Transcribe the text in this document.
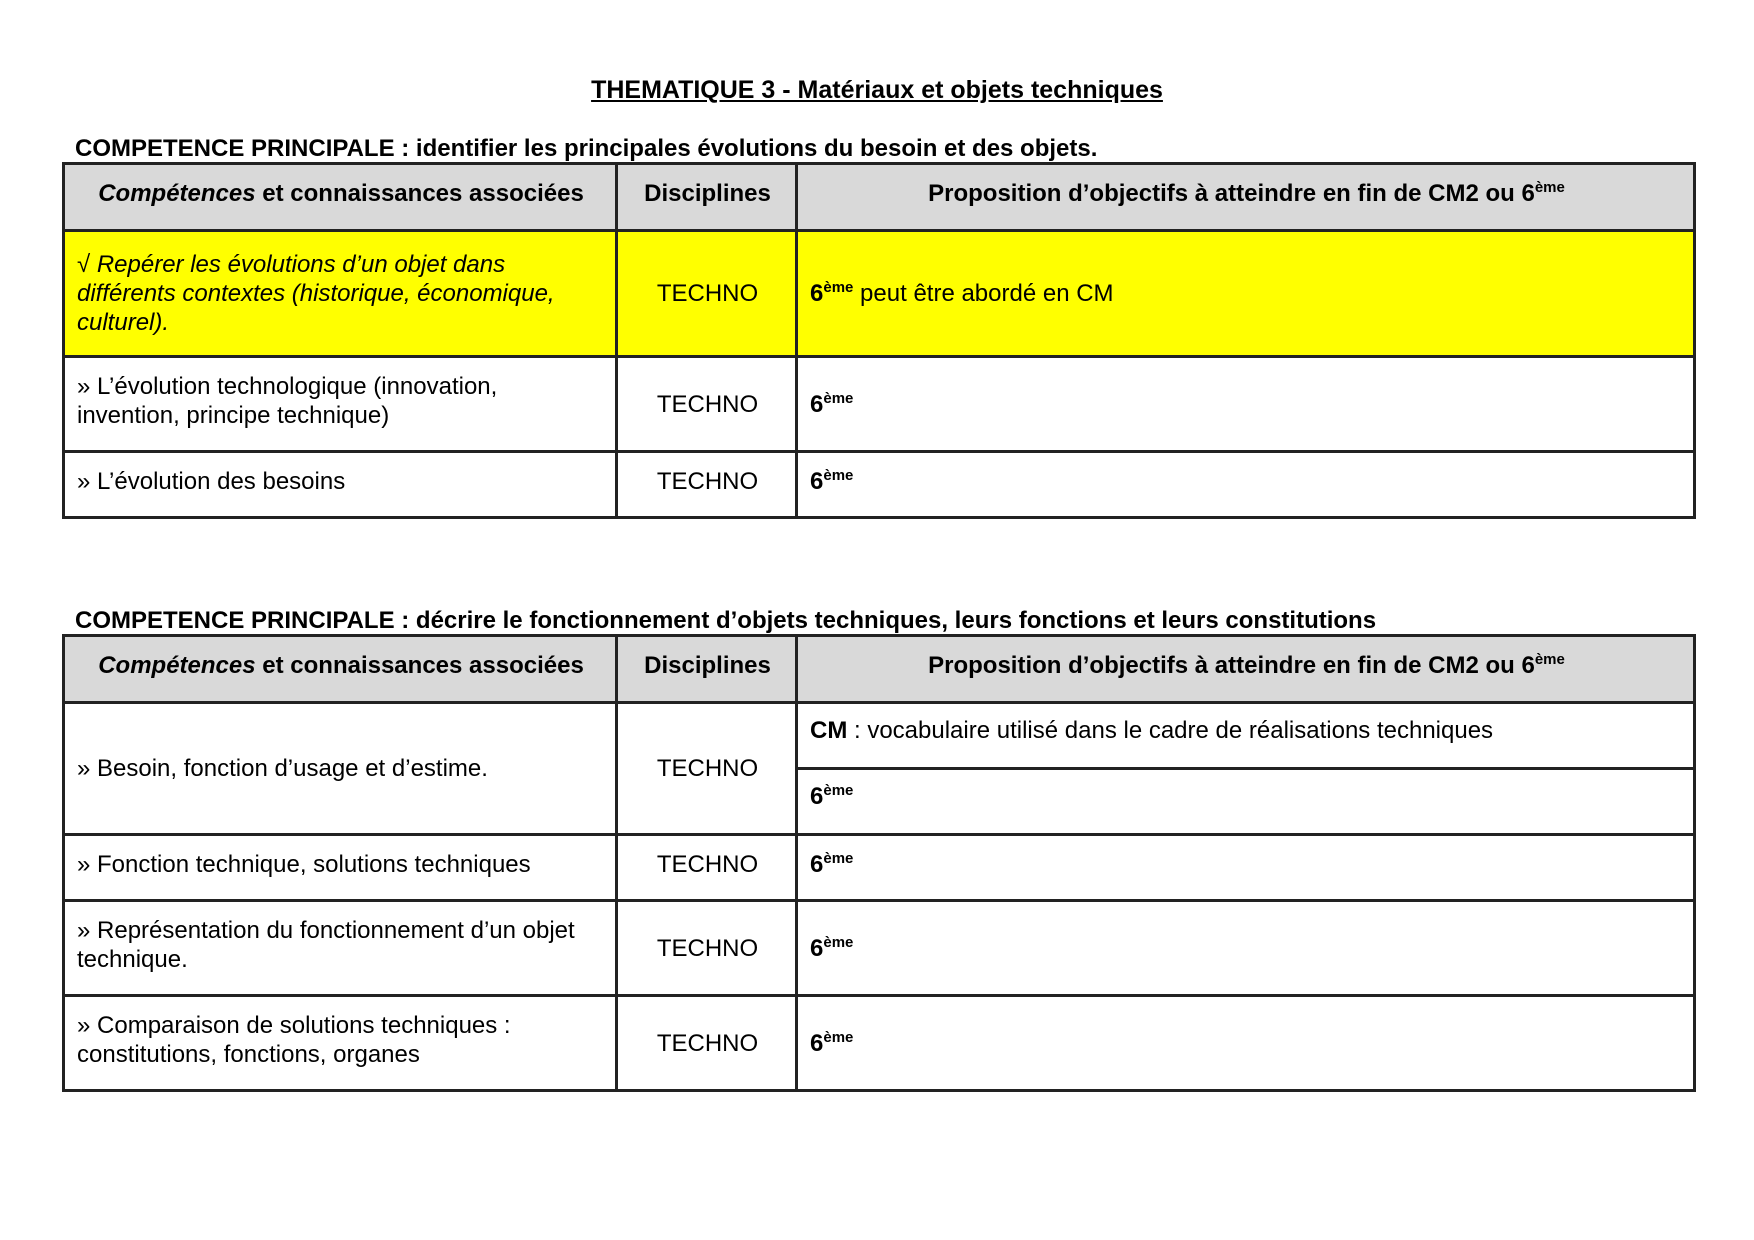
THEMATIQUE 3 - Matériaux et objets techniques
COMPETENCE PRINCIPALE : identifier les principales évolutions du besoin et des objets.
Compétences et connaissances associées	Disciplines	Proposition d’objectifs à atteindre en fin de CM2 ou 6ème
√ Repérer les évolutions d’un objet dans différents contextes (historique, économique, culturel).	TECHNO	6ème peut être abordé en CM
» L’évolution technologique (innovation, invention, principe technique)	TECHNO	6ème
» L’évolution des besoins	TECHNO	6ème
COMPETENCE PRINCIPALE : décrire le fonctionnement d’objets techniques, leurs fonctions et leurs constitutions
Compétences et connaissances associées	Disciplines	Proposition d’objectifs à atteindre en fin de CM2 ou 6ème
» Besoin, fonction d’usage et d’estime.	TECHNO	CM : vocabulaire utilisé dans le cadre de réalisations techniques
		6ème
» Fonction technique, solutions techniques	TECHNO	6ème
» Représentation du fonctionnement d’un objet technique.	TECHNO	6ème
» Comparaison de solutions techniques : constitutions, fonctions, organes	TECHNO	6ème
